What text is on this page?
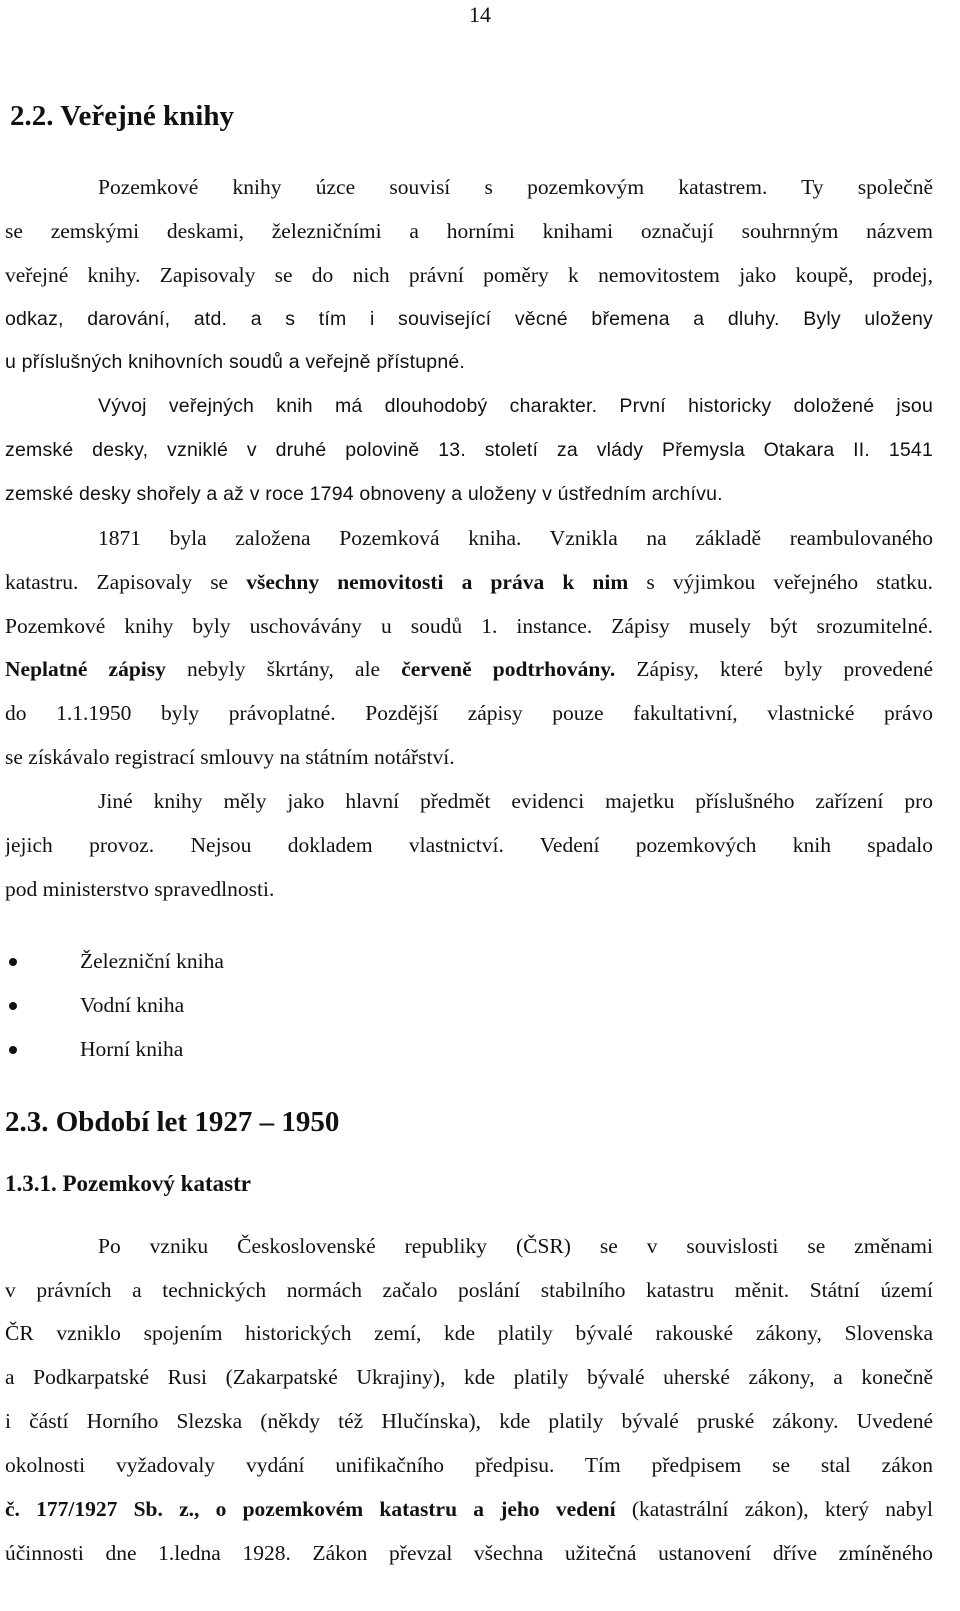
14
2.2. Veřejné knihy
Pozemkové knihy úzce souvisí s pozemkovým katastrem. Ty společně
se zemskými deskami, železničními a horními knihami označují souhrnným názvem
veřejné knihy. Zapisovaly se do nich právní poměry k nemovitostem jako koupě, prodej,
odkaz, darování, atd. a s tím i související věcné břemena a dluhy. Byly uloženy
u příslušných knihovních soudů a veřejně přístupné.
Vývoj veřejných knih má dlouhodobý charakter. První historicky doložené jsou
zemské desky, vzniklé v druhé polovině 13. století za vlády Přemysla Otakara II. 1541
zemské desky shořely a až v roce 1794 obnoveny a uloženy v ústředním archívu.
1871 byla založena Pozemková kniha. Vznikla na základě reambulovaného
katastru. Zapisovaly se všechny nemovitosti a práva k nim s výjimkou veřejného statku.
Pozemkové knihy byly uschovávány u soudů 1. instance. Zápisy musely být srozumitelné.
Neplatné zápisy nebyly škrtány, ale červeně podtrhovány. Zápisy, které byly provedené
do 1.1.1950 byly právoplatné. Pozdější zápisy pouze fakultativní, vlastnické právo
se získávalo registrací smlouvy na státním notářství.
Jiné knihy měly jako hlavní předmět evidenci majetku příslušného zařízení pro
jejich provoz. Nejsou dokladem vlastnictví. Vedení pozemkových knih spadalo
pod ministerstvo spravedlnosti.
Železniční kniha
Vodní kniha
Horní kniha
2.3. Období let 1927 – 1950
1.3.1. Pozemkový katastr
Po vzniku Československé republiky (ČSR) se v souvislosti se změnami
v právních a technických normách začalo poslání stabilního katastru měnit. Státní území
ČR vzniklo spojením historických zemí, kde platily bývalé rakouské zákony, Slovenska
a Podkarpatské Rusi (Zakarpatské Ukrajiny), kde platily bývalé uherské zákony, a konečně
i částí Horního Slezska (někdy též Hlučínska), kde platily bývalé pruské zákony. Uvedené
okolnosti vyžadovaly vydání unifikačního předpisu. Tím předpisem se stal zákon
č. 177/1927 Sb. z., o pozemkovém katastru a jeho vedení (katastrální zákon), který nabyl
účinnosti dne 1.ledna 1928. Zákon převzal všechna užitečná ustanovení dříve zmíněného
